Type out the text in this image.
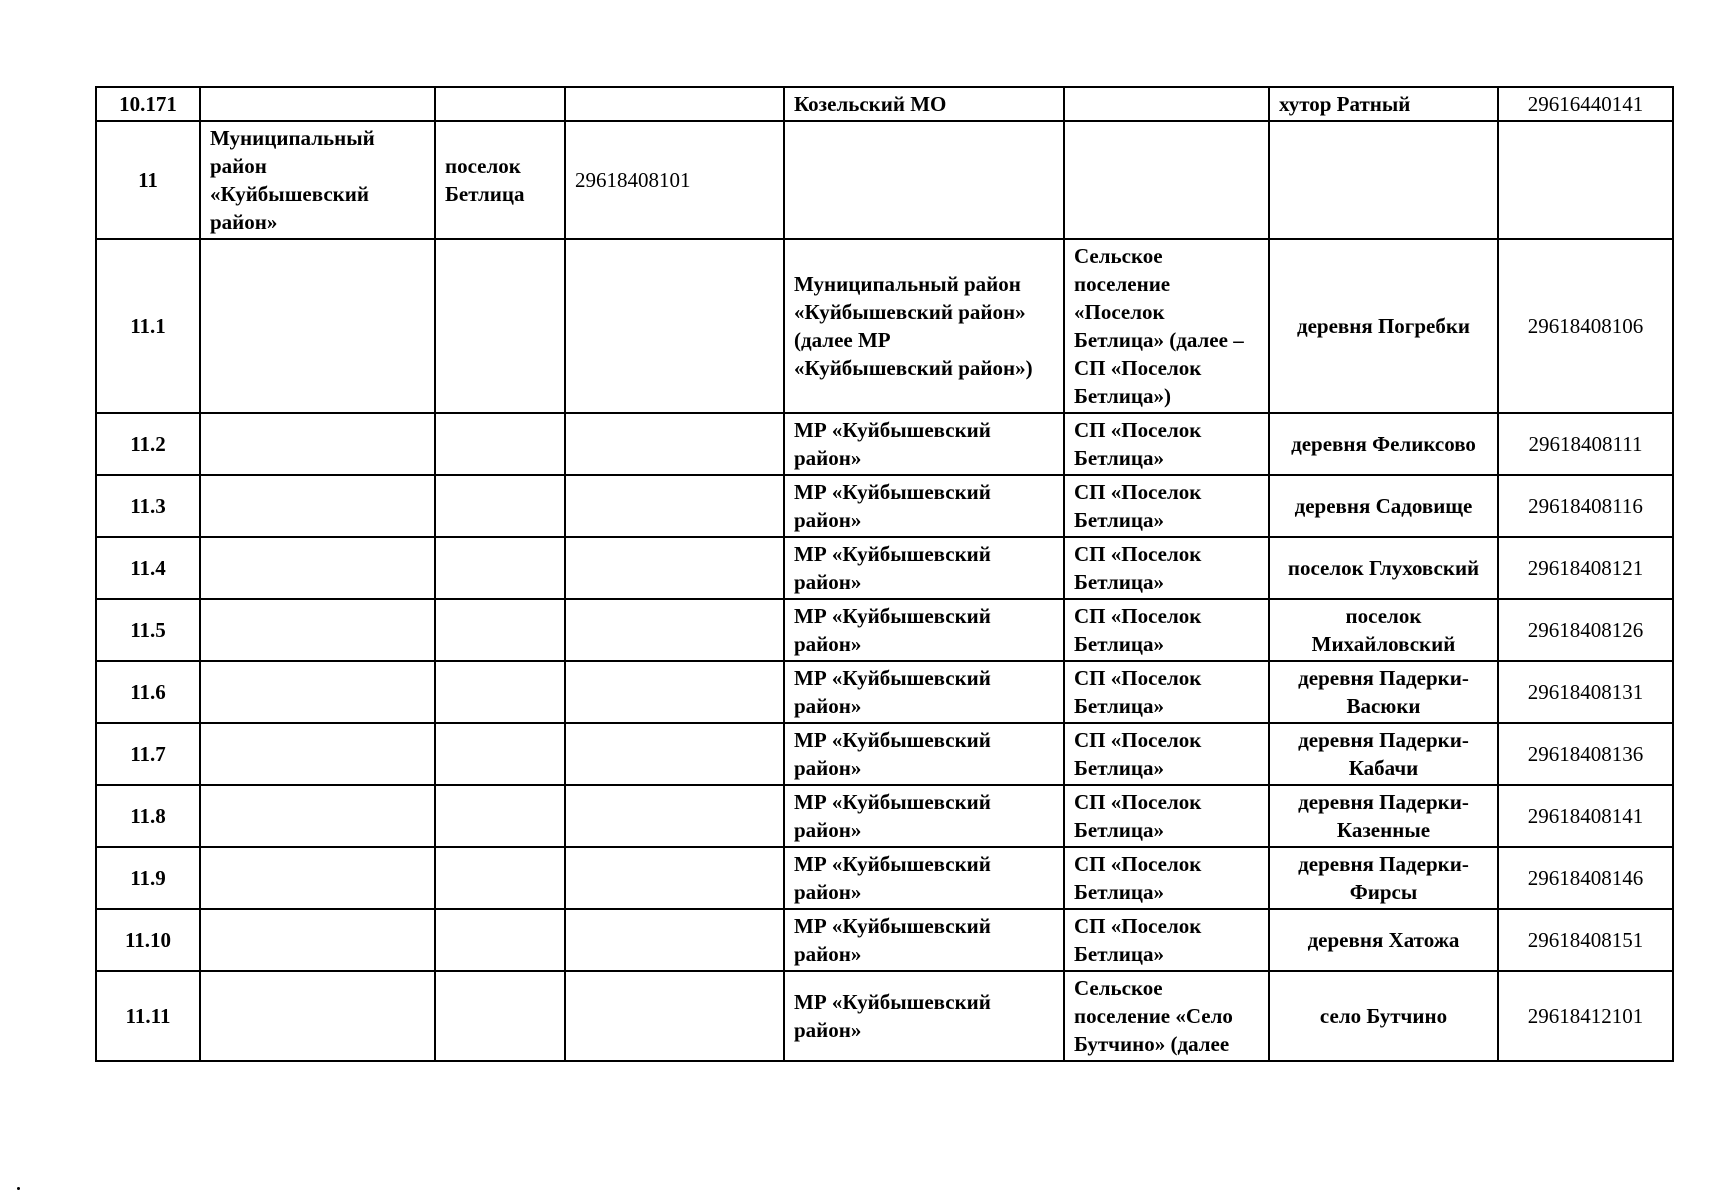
10.171				Козельский МО		хутор Ратный	29616440141
11	Муниципальный район «Куйбышевский район»	поселок Бетлица	29618408101				
11.1				Муниципальный район «Куйбышевский район» (далее МР «Куйбышевский район»)	Сельское поселение «Поселок Бетлица» (далее – СП «Поселок Бетлица»)	деревня Погребки	29618408106
11.2				МР «Куйбышевский район»	СП «Поселок Бетлица»	деревня Феликсово	29618408111
11.3				МР «Куйбышевский район»	СП «Поселок Бетлица»	деревня Садовище	29618408116
11.4				МР «Куйбышевский район»	СП «Поселок Бетлица»	поселок Глуховский	29618408121
11.5				МР «Куйбышевский район»	СП «Поселок Бетлица»	поселок Михайловский	29618408126
11.6				МР «Куйбышевский район»	СП «Поселок Бетлица»	деревня Падерки-Васюки	29618408131
11.7				МР «Куйбышевский район»	СП «Поселок Бетлица»	деревня Падерки-Кабачи	29618408136
11.8				МР «Куйбышевский район»	СП «Поселок Бетлица»	деревня Падерки-Казенные	29618408141
11.9				МР «Куйбышевский район»	СП «Поселок Бетлица»	деревня Падерки-Фирсы	29618408146
11.10				МР «Куйбышевский район»	СП «Поселок Бетлица»	деревня Хатожа	29618408151
11.11				МР «Куйбышевский район»	Сельское поселение «Село Бутчино» (далее	село Бутчино	29618412101
